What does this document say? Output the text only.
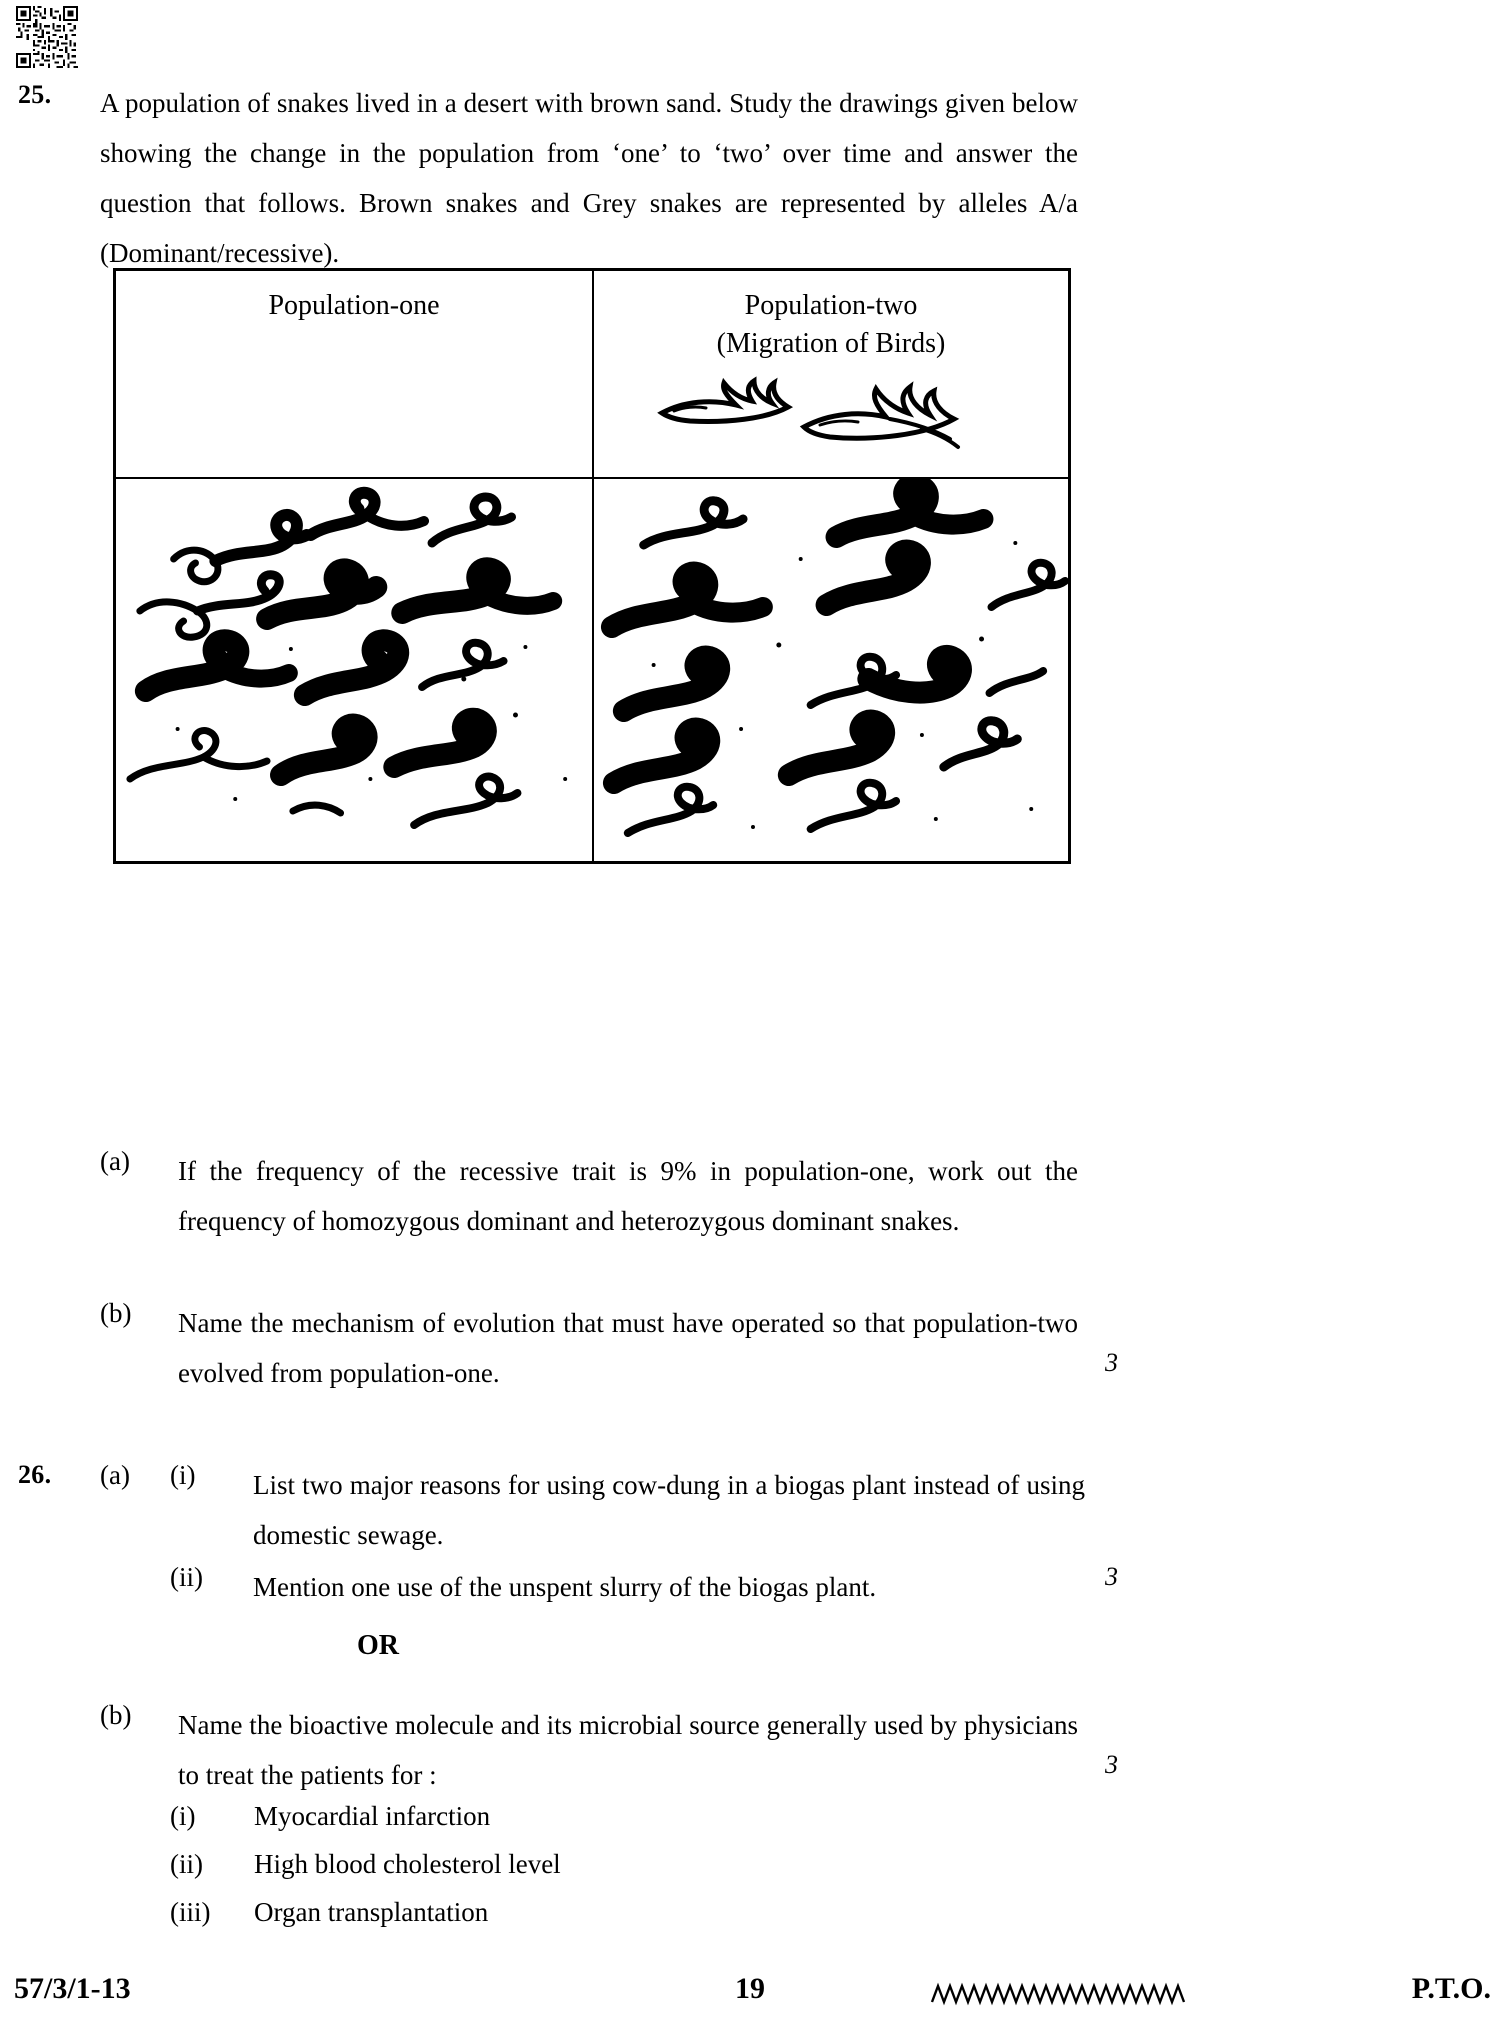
25. A population of snakes lived in a desert with brown sand. Study the drawings given below showing the change in the population from ‘one’ to ‘two’ over time and answer the question that follows. Brown snakes and Grey snakes are represented by alleles A/a (Dominant/recessive).
Population-one	Population-two
(Migration of Birds)
(a) If the frequency of the recessive trait is 9% in population-one, work out the frequency of homozygous dominant and heterozygous dominant snakes.
(b) Name the mechanism of evolution that must have operated so that population-two evolved from population-one.	3
26. (a) (i) List two major reasons for using cow-dung in a biogas plant instead of using domestic sewage.
(ii) Mention one use of the unspent slurry of the biogas plant.	3
OR
(b) Name the bioactive molecule and its microbial source generally used by physicians to treat the patients for :	3
(i)	Myocardial infarction
(ii)	High blood cholesterol level
(iii)	Organ transplantation
57/3/1-13	19	P.T.O.
